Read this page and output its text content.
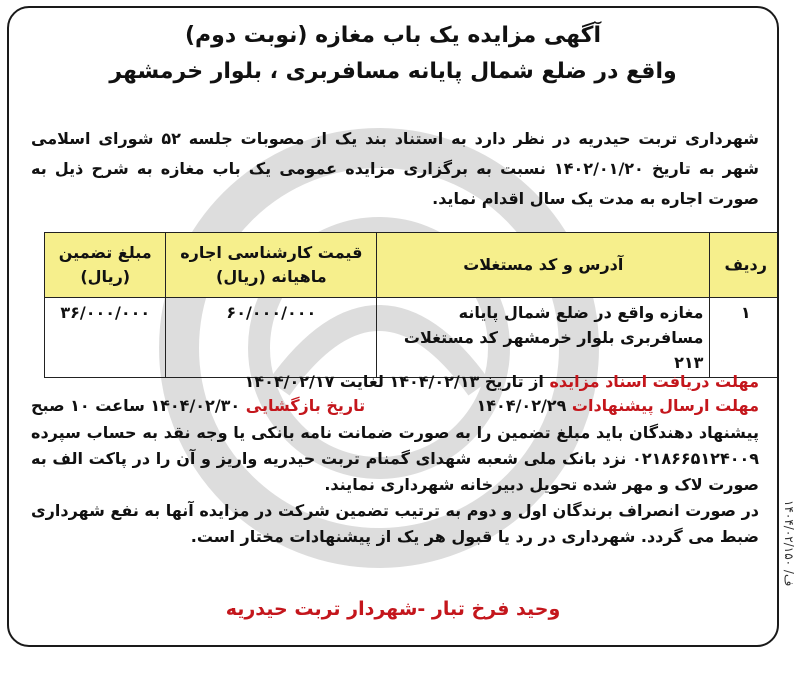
آگهی مزایده یک باب مغازه (نوبت دوم)
واقع در ضلع شمال پایانه مسافربری ، بلوار خرمشهر
شهرداری تربت حیدریه در نظر دارد به استناد بند یک از مصوبات جلسه ۵۲ شورای اسلامی شهر به تاریخ ۱۴۰۲/۰۱/۲۰ نسبت به برگزاری مزایده عمومی یک باب مغازه به شرح ذیل به صورت اجاره به مدت یک سال اقدام نماید.
ردیف	آدرس و کد مستغلات	قیمت کارشناسی اجاره ماهیانه (ریال)	مبلغ تضمین (ریال)
۱	مغازه واقع در ضلع شمال پایانه مسافربری بلوار خرمشهر کد مستغلات ۲۱۳	۶۰/۰۰۰/۰۰۰	۳۶/۰۰۰/۰۰۰
مهلت دریافت اسناد مزایده از تاریخ ۱۴۰۴/۰۲/۱۳ لغایت ۱۴۰۴/۰۲/۱۷
مهلت ارسال پیشنهادات ۱۴۰۴/۰۲/۲۹
تاریخ بازگشایی ۱۴۰۴/۰۲/۳۰ ساعت ۱۰ صبح
پیشنهاد دهندگان باید مبلغ تضمین را به صورت ضمانت نامه بانکی یا وجه نقد به حساب سپرده ۰۲۱۸۶۶۵۱۲۴۰۰۹ نزد بانک ملی شعبه شهدای گمنام تربت حیدریه واریز و آن را در پاکت الف به صورت لاک و مهر شده تحویل دبیرخانه شهرداری نمایند.
در صورت انصراف برندگان اول و دوم به ترتیب تضمین شرکت در مزایده آنها به نفع شهرداری ضبط می گردد. شهرداری در رد یا قبول هر یک از پیشنهادات مختار است.
وحید فرخ تبار -شهردار تربت حیدریه
۱۴۰۴/۰۲/۱۵۰ /ف
